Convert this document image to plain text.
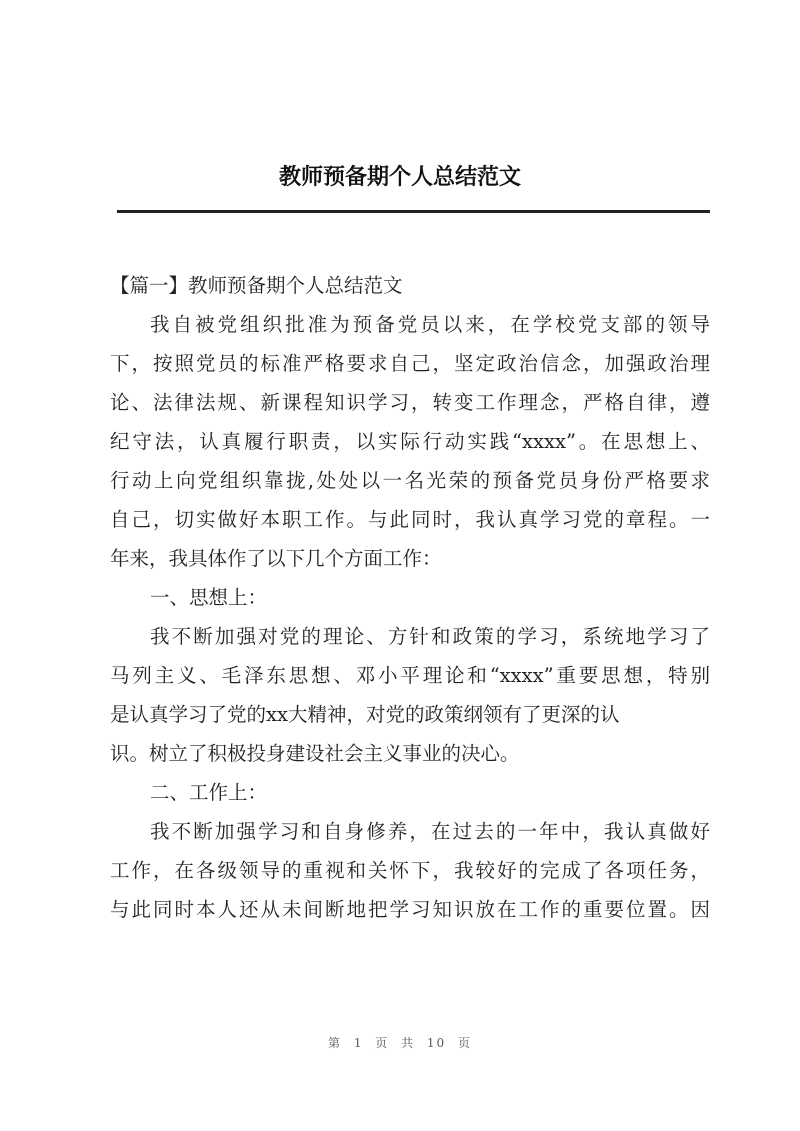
教师预备期个人总结范文
【篇一】教师预备期个人总结范文
我自被党组织批准为预备党员以来，在学校党支部的领导
下，按照党员的标准严格要求自己，坚定政治信念，加强政治理
论、法律法规、新课程知识学习，转变工作理念，严格自律，遵
纪守法，认真履行职责，以实际行动实践“xxxx”。在思想上、
行动上向党组织靠拢,处处以一名光荣的预备党员身份严格要求
自己，切实做好本职工作。与此同时，我认真学习党的章程。一
年来，我具体作了以下几个方面工作：
一、思想上：
我不断加强对党的理论、方针和政策的学习，系统地学习了
马列主义、毛泽东思想、邓小平理论和“xxxx”重要思想，特别
是认真学习了党的xx大精神，对党的政策纲领有了更深的认
识。树立了积极投身建设社会主义事业的决心。
二、工作上：
我不断加强学习和自身修养，在过去的一年中，我认真做好
工作，在各级领导的重视和关怀下，我较好的完成了各项任务，
与此同时本人还从未间断地把学习知识放在工作的重要位置。因
第 1 页 共 10 页
